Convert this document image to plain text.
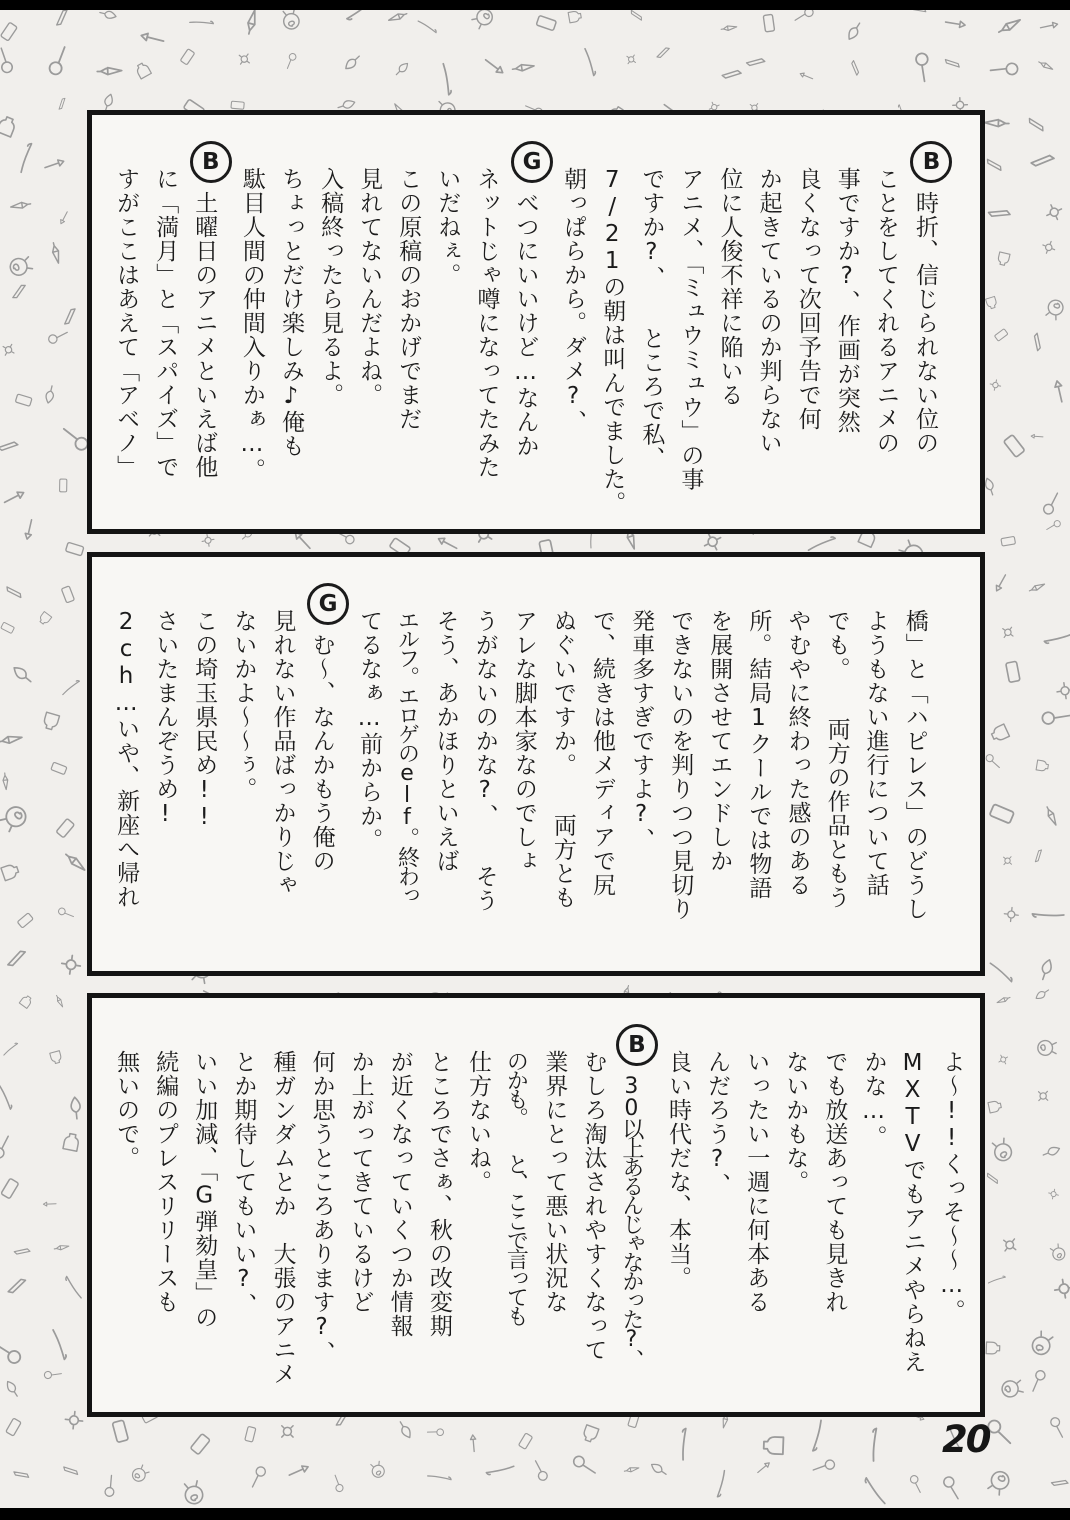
B時折、信じられない位の
ことをしてくれるアニメの
事ですか?、作画が突然
良くなって次回予告で何
か起きているのか判らない
位に人俊不祥に陥いる
アニメ、「ミュウミュウ」の事
ですか?、　　ところで私、
7/21の朝は叫んでました。
朝っぱらから。ダメ?、
Gべつにいいけど…なんか
ネットじゃ噂になってたみた
いだねぇ。
この原稿のおかげでまだ
見れてないんだよね。
入稿終ったら見るよ。
ちょっとだけ楽しみ♪俺も
駄目人間の仲間入りかぁ…。
B土曜日のアニメといえば他
に「満月」と「スパイズ」で
すがここはあえて「アベノ」
橋」と「ハピレス」のどうし
ようもない進行について話
でも。　　両方の作品ともう
やむやに終わった感のある
所。結局1クールでは物語
を展開させてエンドしか
できないのを判りつつ見切り
発車多すぎですよ?、
で、続きは他メディアで尻
ぬぐいですか。　　両方とも
アレな脚本家なのでしょ
うがないのかな?、　　そう
そう、あかほりといえば
エルフ。エロゲのelf。終わっ
てるなぁ…前からか。
Gむ〜、なんかもう俺の
見れない作品ばっかりじゃ
ないかよ〜〜ぅ。
この埼玉県民め!!
さいたまんぞうめ!
2ch…いや、新座へ帰れ
よ〜!!くっそ〜〜…。
MXTVでもアニメやらねえ
かな…。
でも放送あっても見きれ
ないかもな。
いったい一週に何本ある
んだろう?、
良い時代だな、本当。
B30以上あるんじゃなかった?、
むしろ淘汰されやすくなって
業界にとって悪い状況な
のかも。　　と、ここで言っても
仕方ないね。
ところでさぁ、秋の改変期
が近くなっていくつか情報
か上がってきているけど
何か思うところあります?、
種ガンダムとか　大張のアニメ
とか期待してもいい?、
いい加減、「G弾劾皇」の
続編のプレスリリースも
無いので。
20
